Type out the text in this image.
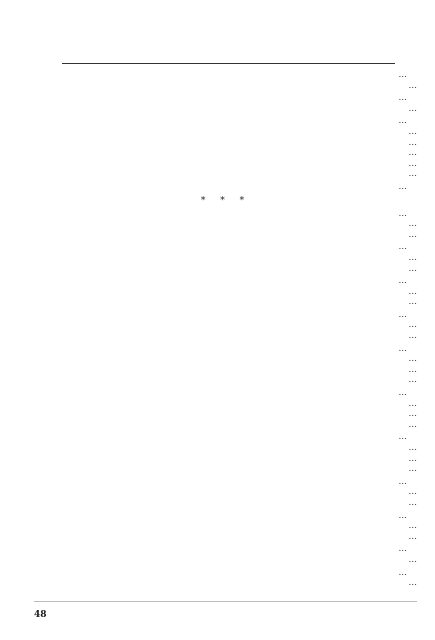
…
…
…
…
…
…
…
…
…
…
…
* * *
…
…
…
…
…
…
…
…
…
…
…
…
…
…
…
…
…
…
…
…
…
…
…
…
…
…
…
…
…
…
…
…
…
…
48
